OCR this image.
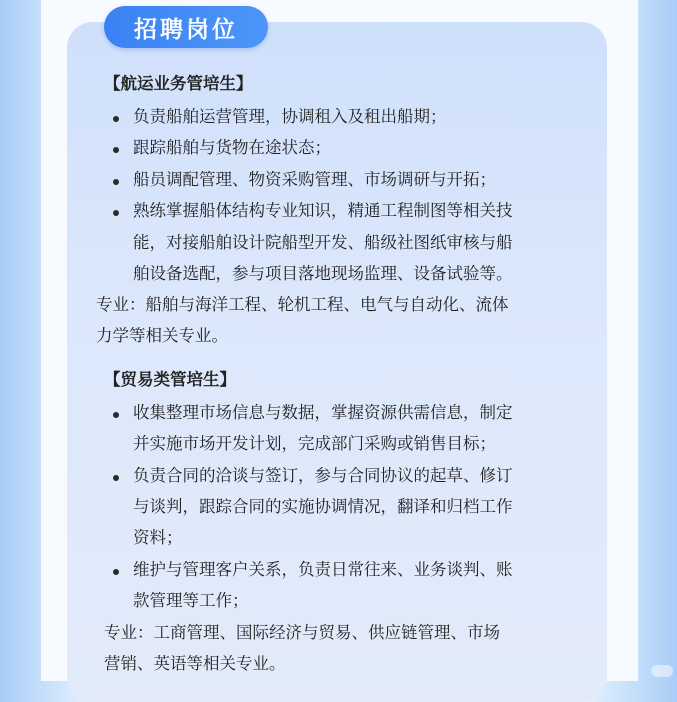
招聘岗位
【航运业务管培生】
负责船舶运营管理，协调租入及租出船期；
跟踪船舶与货物在途状态；
船员调配管理、物资采购管理、市场调研与开拓；
熟练掌握船体结构专业知识，精通工程制图等相关技
能，对接船舶设计院船型开发、船级社图纸审核与船
舶设备选配，参与项目落地现场监理、设备试验等。
专业：船舶与海洋工程、轮机工程、电气与自动化、流体
力学等相关专业。
【贸易类管培生】
收集整理市场信息与数据，掌握资源供需信息，制定
并实施市场开发计划，完成部门采购或销售目标；
负责合同的洽谈与签订，参与合同协议的起草、修订
与谈判，跟踪合同的实施协调情况，翻译和归档工作
资料；
维护与管理客户关系，负责日常往来、业务谈判、账
款管理等工作；
专业：工商管理、国际经济与贸易、供应链管理、市场
营销、英语等相关专业。
